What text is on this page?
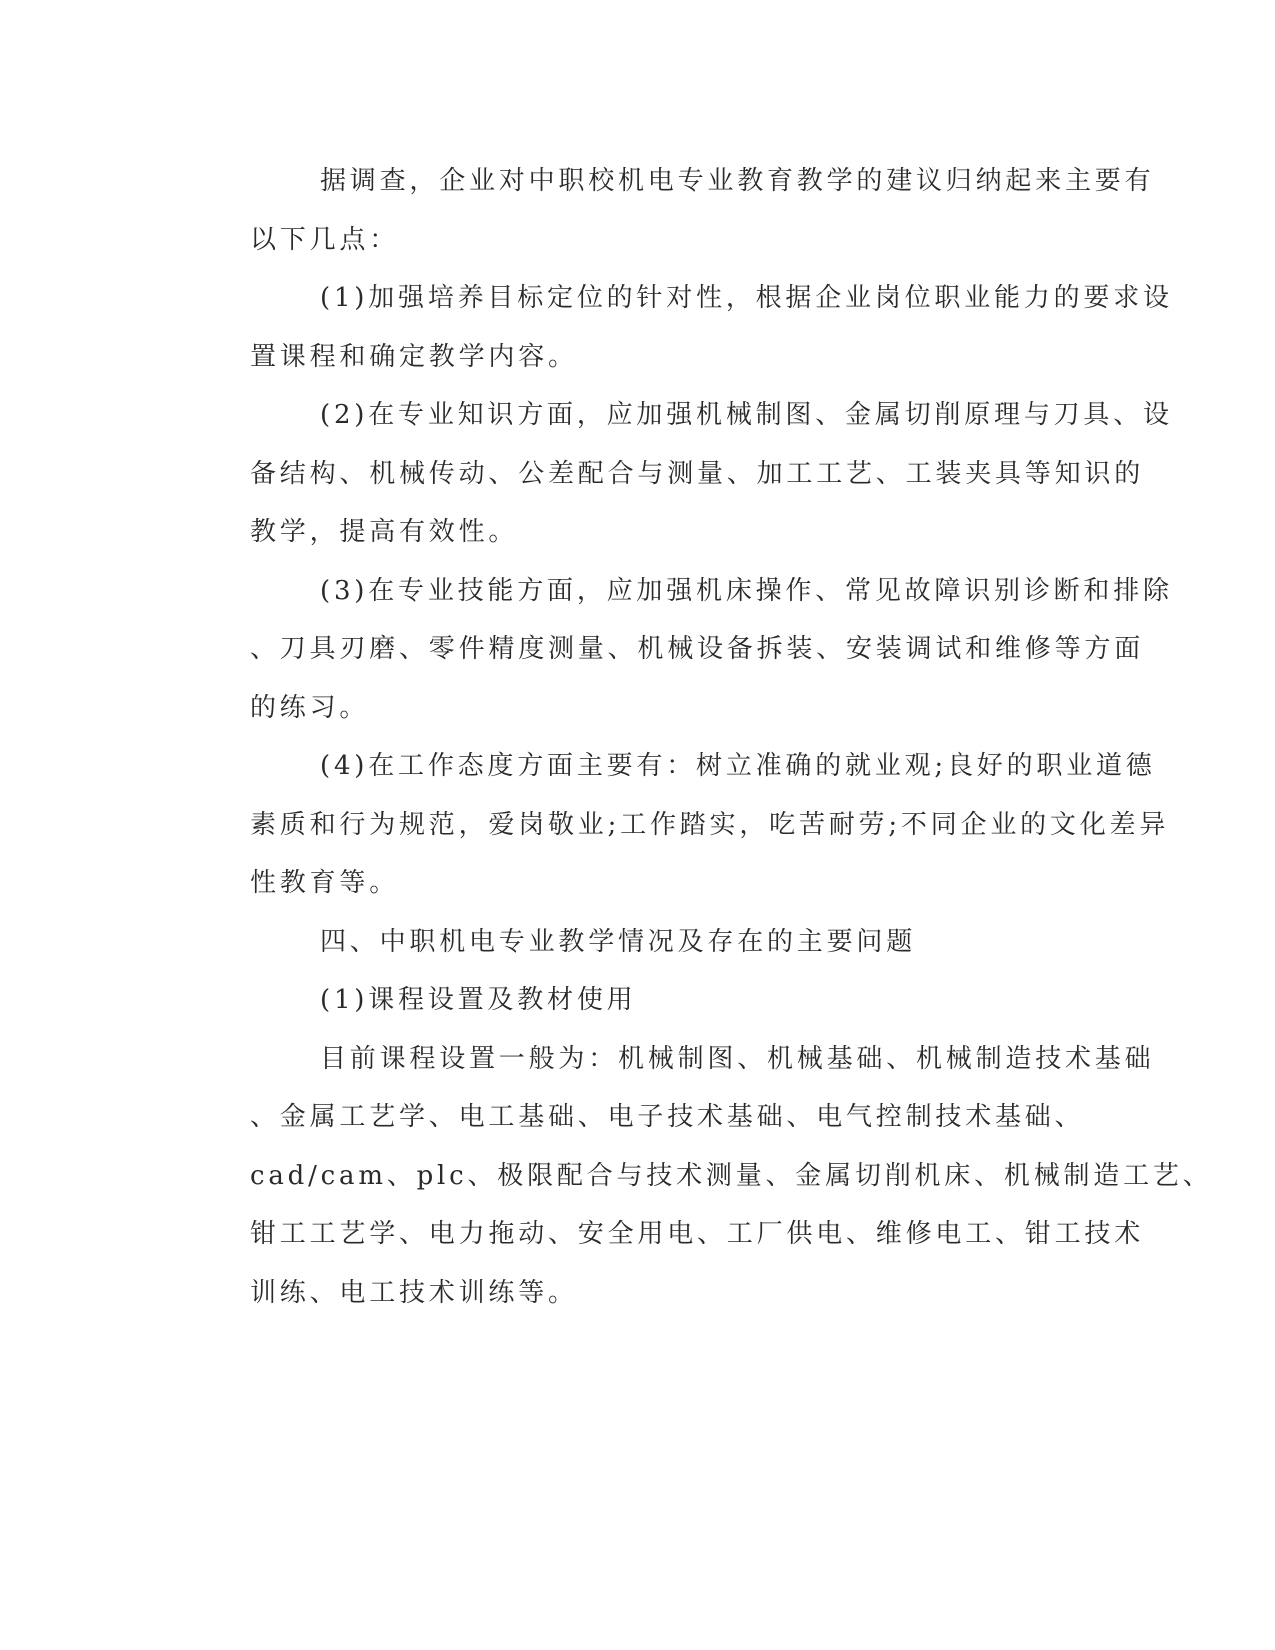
据调查，企业对中职校机电专业教育教学的建议归纳起来主要有
以下几点：

(1)加强培养目标定位的针对性，根据企业岗位职业能力的要求设
置课程和确定教学内容。

(2)在专业知识方面，应加强机械制图、金属切削原理与刀具、设
备结构、机械传动、公差配合与测量、加工工艺、工装夹具等知识的
教学，提高有效性。

(3)在专业技能方面，应加强机床操作、常见故障识别诊断和排除
、刀具刃磨、零件精度测量、机械设备拆装、安装调试和维修等方面
的练习。

(4)在工作态度方面主要有：树立准确的就业观;良好的职业道德
素质和行为规范，爱岗敬业;工作踏实，吃苦耐劳;不同企业的文化差异
性教育等。

四、中职机电专业教学情况及存在的主要问题

(1)课程设置及教材使用

目前课程设置一般为：机械制图、机械基础、机械制造技术基础
、金属工艺学、电工基础、电子技术基础、电气控制技术基础、
cad/cam、plc、极限配合与技术测量、金属切削机床、机械制造工艺、
钳工工艺学、电力拖动、安全用电、工厂供电、维修电工、钳工技术
训练、电工技术训练等。
